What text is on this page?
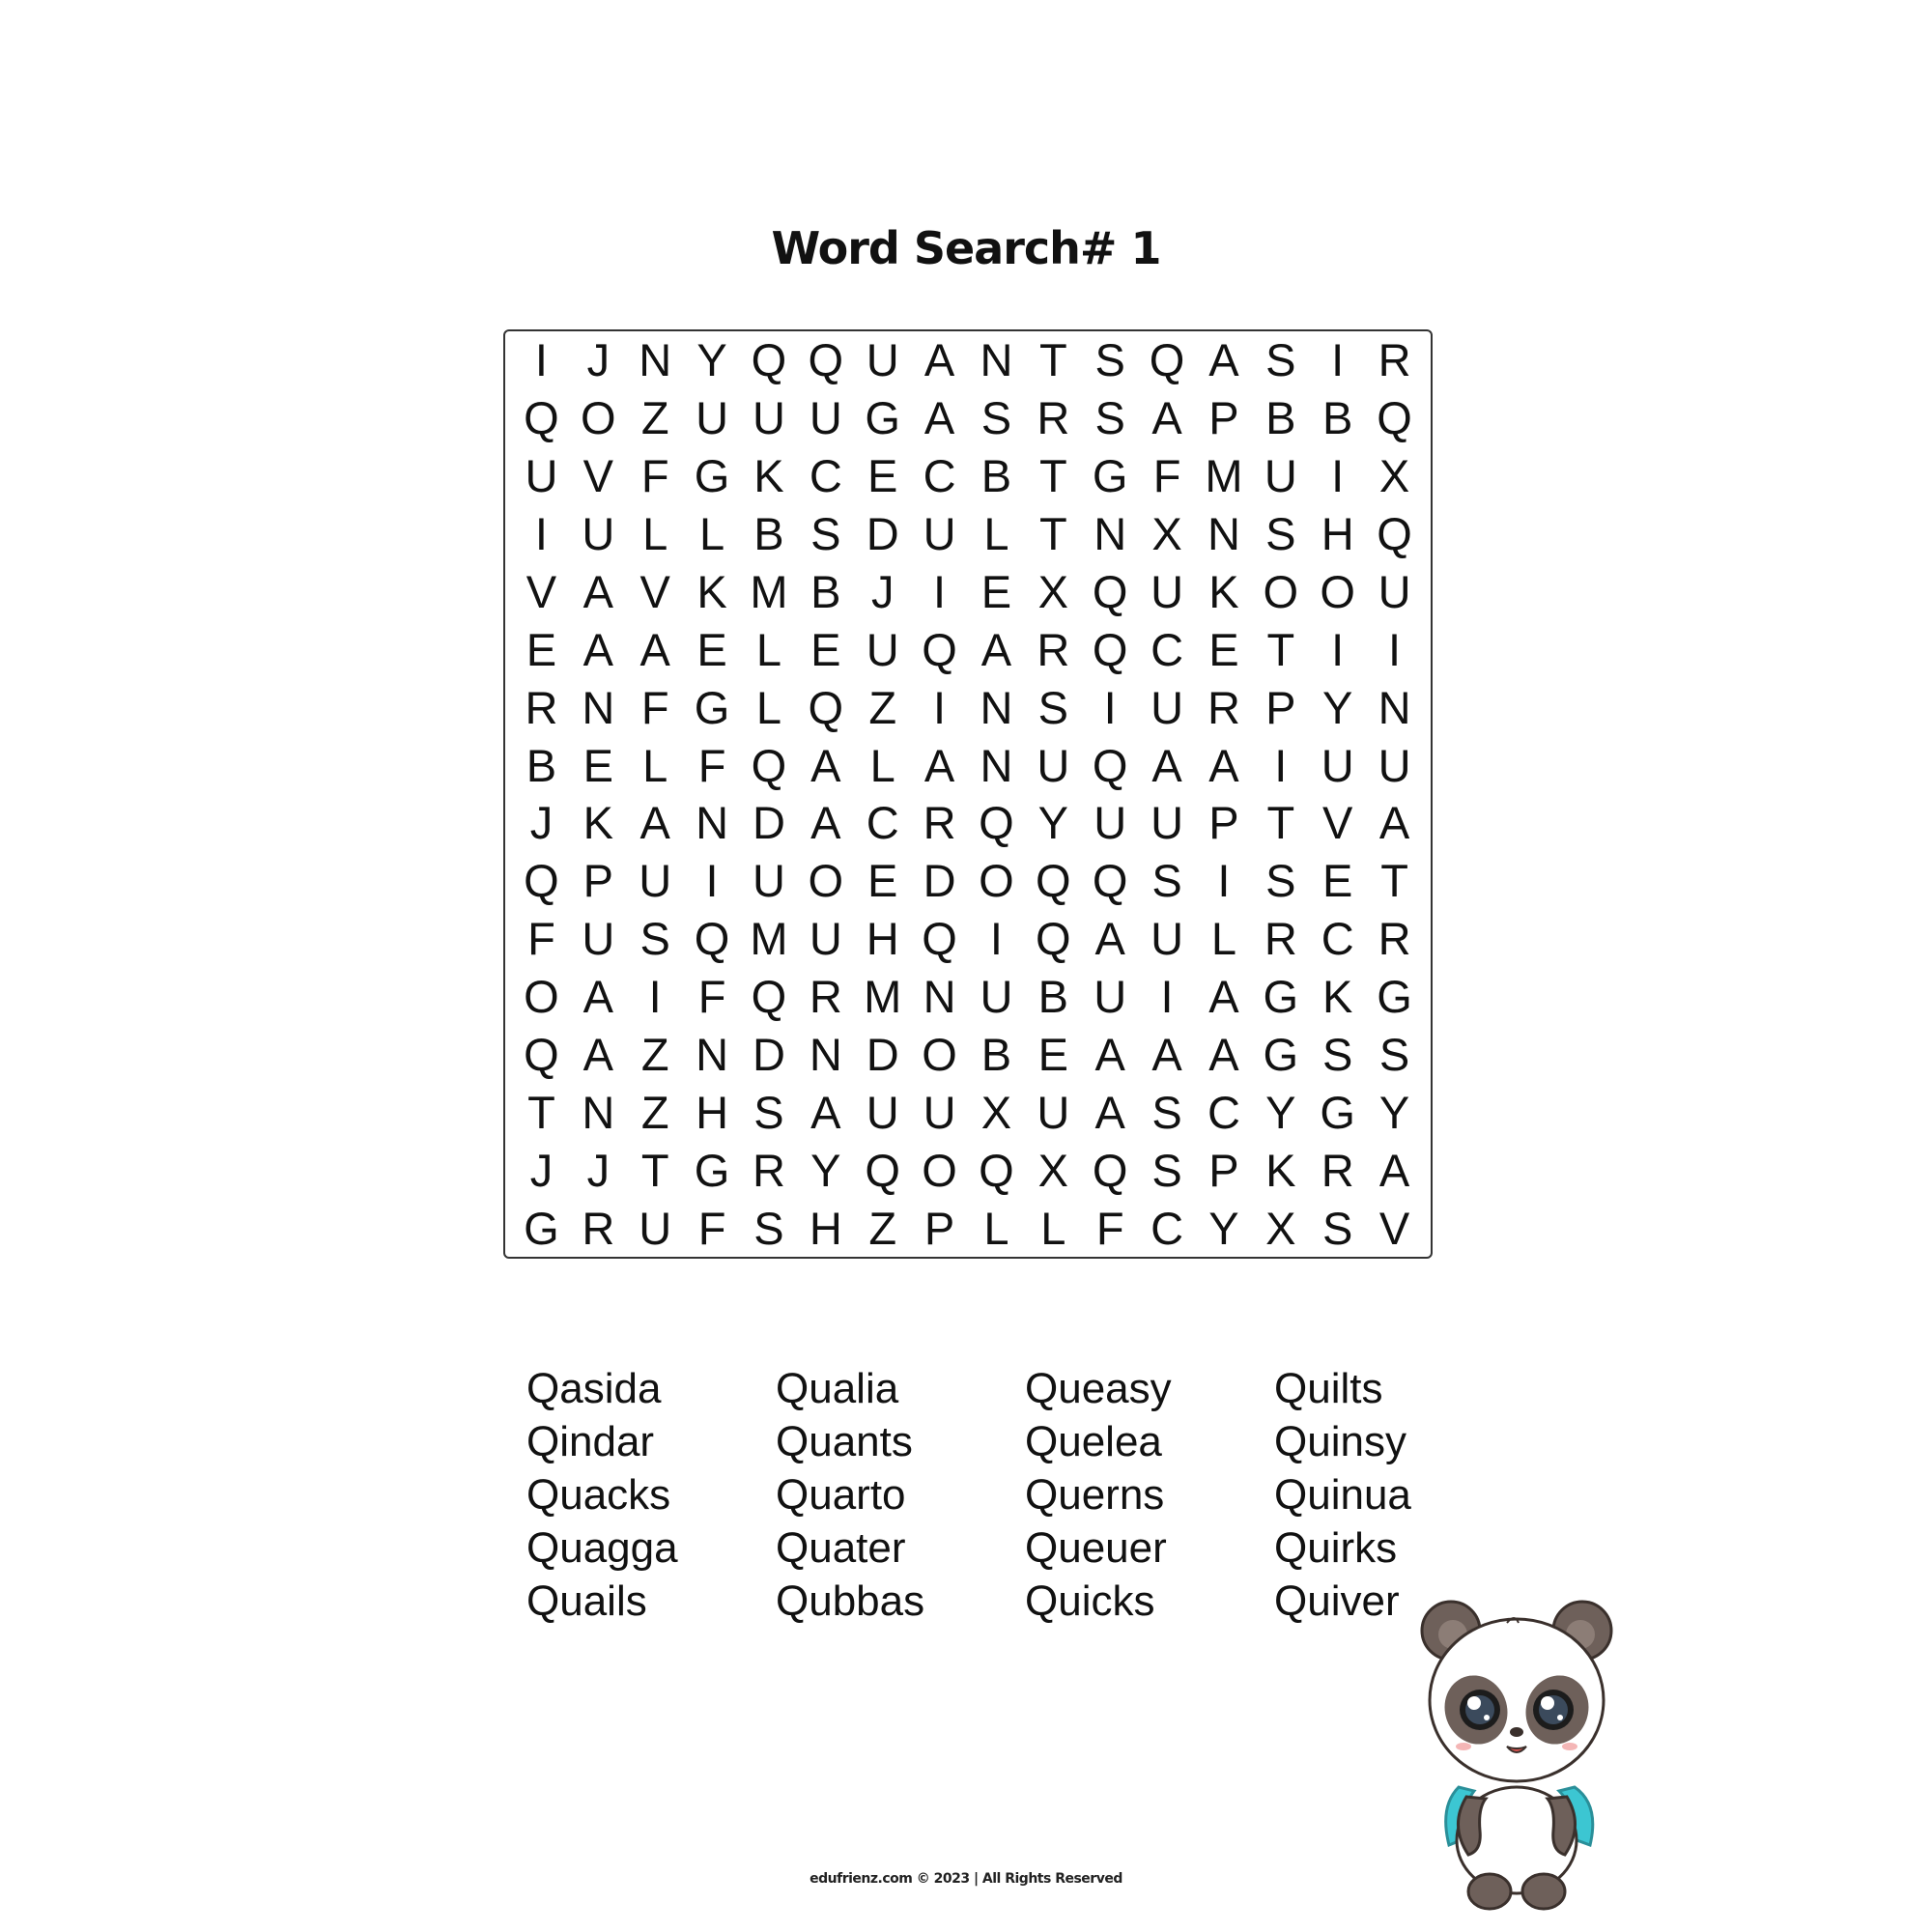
Word Search# 1
I J N Y Q Q U A N T S Q A S I R
Q O Z U U U G A S R S A P B B Q
U V F G K C E C B T G F M U I X
I U L L B S D U L T N X N S H Q
V A V K M B J I E X Q U K O O U
E A A E L E U Q A R Q C E T I I
R N F G L Q Z I N S I U R P Y N
B E L F Q A L A N U Q A A I U U
J K A N D A C R Q Y U U P T V A
Q P U I U O E D O Q Q S I S E T
F U S Q M U H Q I Q A U L R C R
O A I F Q R M N U B U I A G K G
Q A Z N D N D O B E A A A G S S
T N Z H S A U U X U A S C Y G Y
J J T G R Y Q O Q X Q S P K R A
G R U F S H Z P L L F C Y X S V
Qasida
Qindar
Quacks
Quagga
Quails
Qualia
Quants
Quarto
Quater
Qubbas
Queasy
Quelea
Querns
Queuer
Quicks
Quilts
Quinsy
Quinua
Quirks
Quiver
edufrienz.com © 2023 | All Rights Reserved
